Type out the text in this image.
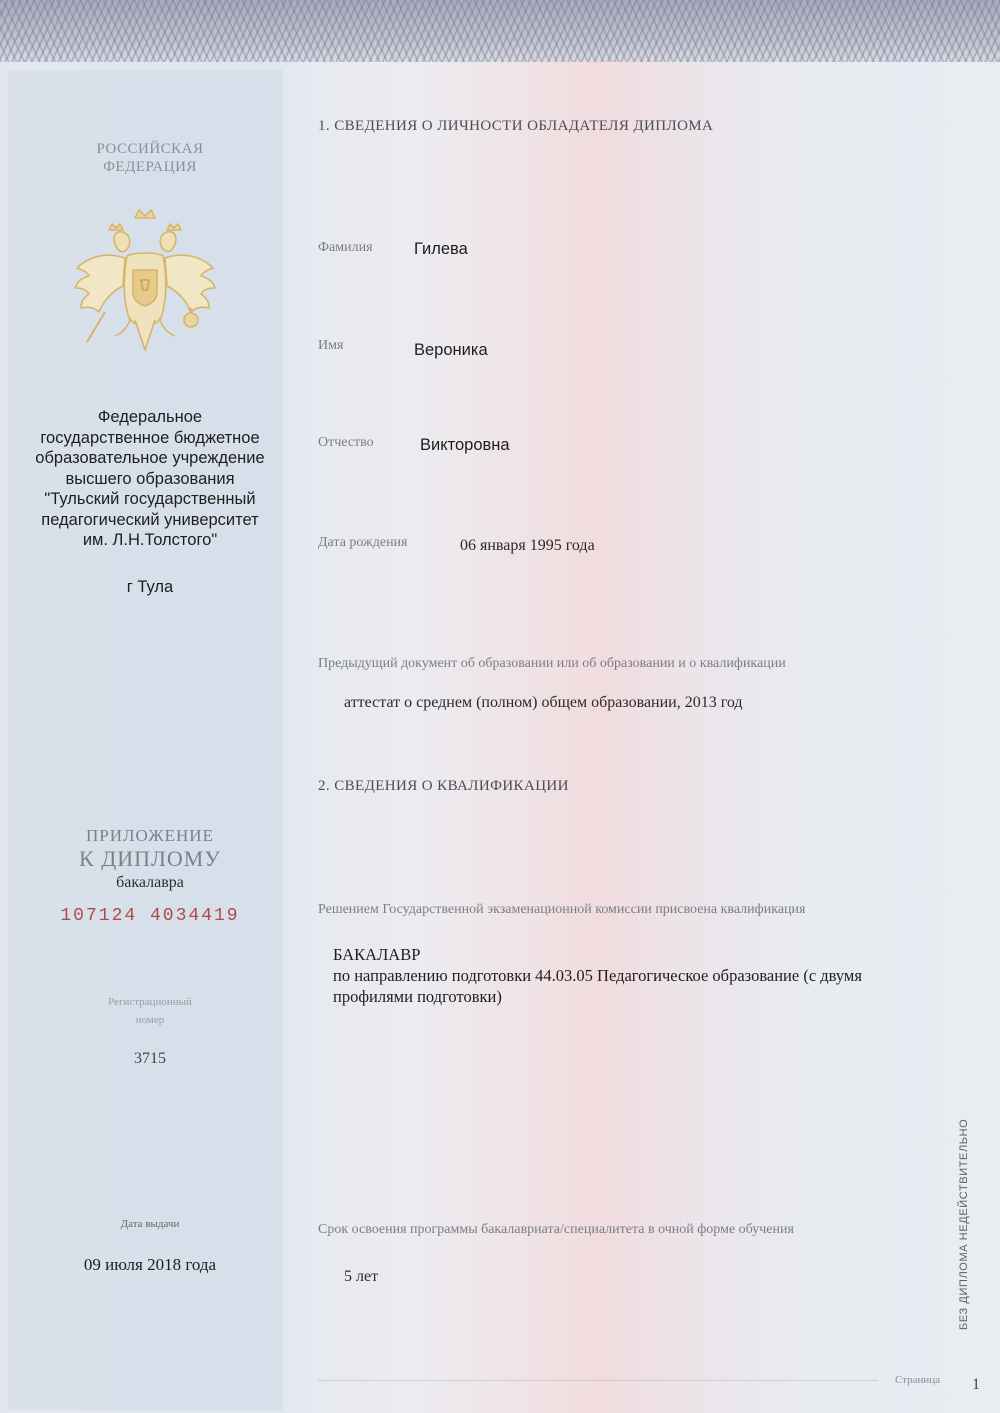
РОССИЙСКАЯ
ФЕДЕРАЦИЯ
Федеральное
государственное бюджетное
образовательное учреждение
высшего образования
"Тульский государственный
педагогический университет
им. Л.Н.Толстого"
г Тула
ПРИЛОЖЕНИЕ
К ДИПЛОМУ
бакалавра
107124 4034419
Регистрационный
номер
3715
Дата выдачи
09 июля 2018 года
1. СВЕДЕНИЯ О ЛИЧНОСТИ ОБЛАДАТЕЛЯ ДИПЛОМА
Фамилия	Гилева
Имя	Вероника
Отчество	Викторовна
Дата рождения	06 января 1995 года
Предыдущий документ об образовании или об образовании и о квалификации
аттестат о среднем (полном) общем образовании, 2013 год
2. СВЕДЕНИЯ О КВАЛИФИКАЦИИ
Решением Государственной экзаменационной комиссии присвоена квалификация
БАКАЛАВР
по направлению подготовки 44.03.05 Педагогическое образование (с двумя
профилями подготовки)
Срок освоения программы бакалавриата/специалитета в очной форме обучения
5 лет
Страница 1
БЕЗ ДИПЛОМА НЕДЕЙСТВИТЕЛЬНО
